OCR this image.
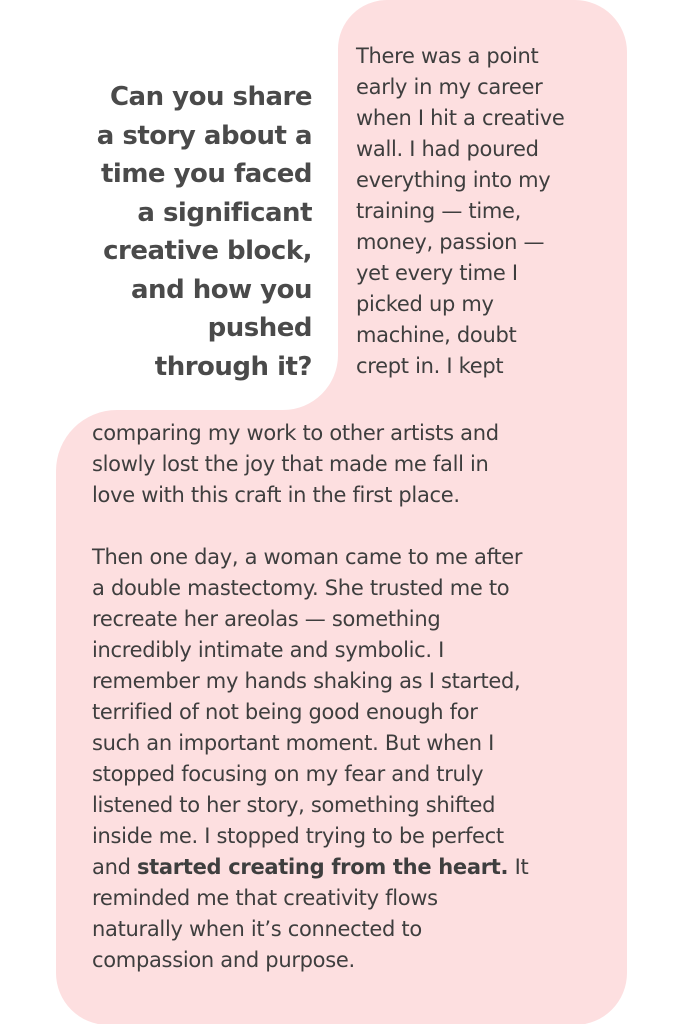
Can you share
a story about a
time you faced
a significant
creative block,
and how you
pushed
through it?
There was a point
early in my career
when I hit a creative
wall. I had poured
everything into my
training — time,
money, passion —
yet every time I
picked up my
machine, doubt
crept in. I kept
comparing my work to other artists and
slowly lost the joy that made me fall in
love with this craft in the first place.
Then one day, a woman came to me after
a double mastectomy. She trusted me to
recreate her areolas — something
incredibly intimate and symbolic. I
remember my hands shaking as I started,
terrified of not being good enough for
such an important moment. But when I
stopped focusing on my fear and truly
listened to her story, something shifted
inside me. I stopped trying to be perfect
and started creating from the heart. It
reminded me that creativity flows
naturally when it’s connected to
compassion and purpose.
